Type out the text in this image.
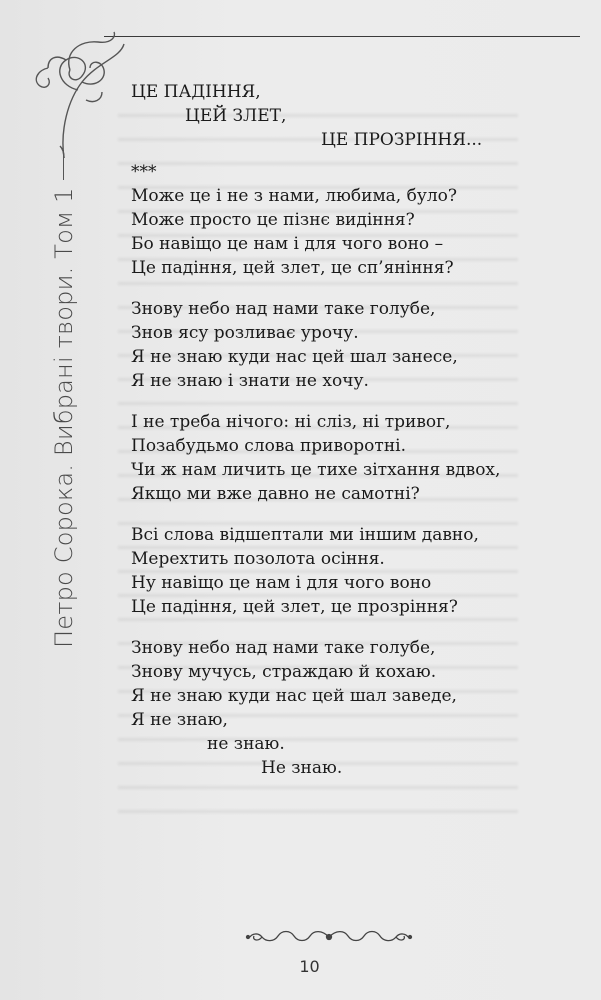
Петро Сорока. Вибрані твори. Том 1
ЦЕ ПАДІННЯ,
ЦЕЙ ЗЛЕТ,
ЦЕ ПРОЗРІННЯ...
***
Може це і не з нами, любима, було?
Може просто це пізнє видіння?
Бо навіщо це нам і для чого воно –
Це падіння, цей злет, це сп’яніння?
Знову небо над нами таке голубе,
Знов ясу розливає урочу.
Я не знаю куди нас цей шал занесе,
Я не знаю і знати не хочу.
І не треба нічого: ні сліз, ні тривог,
Позабудьмо слова приворотні.
Чи ж нам личить це тихе зітхання вдвох,
Якщо ми вже давно не самотні?
Всі слова відшептали ми іншим давно,
Мерехтить позолота осіння.
Ну навіщо це нам і для чого воно
Це падіння, цей злет, це прозріння?
Знову небо над нами таке голубе,
Знову мучусь, страждаю й кохаю.
Я не знаю куди нас цей шал заведе,
Я не знаю,
не знаю.
Не знаю.
10
